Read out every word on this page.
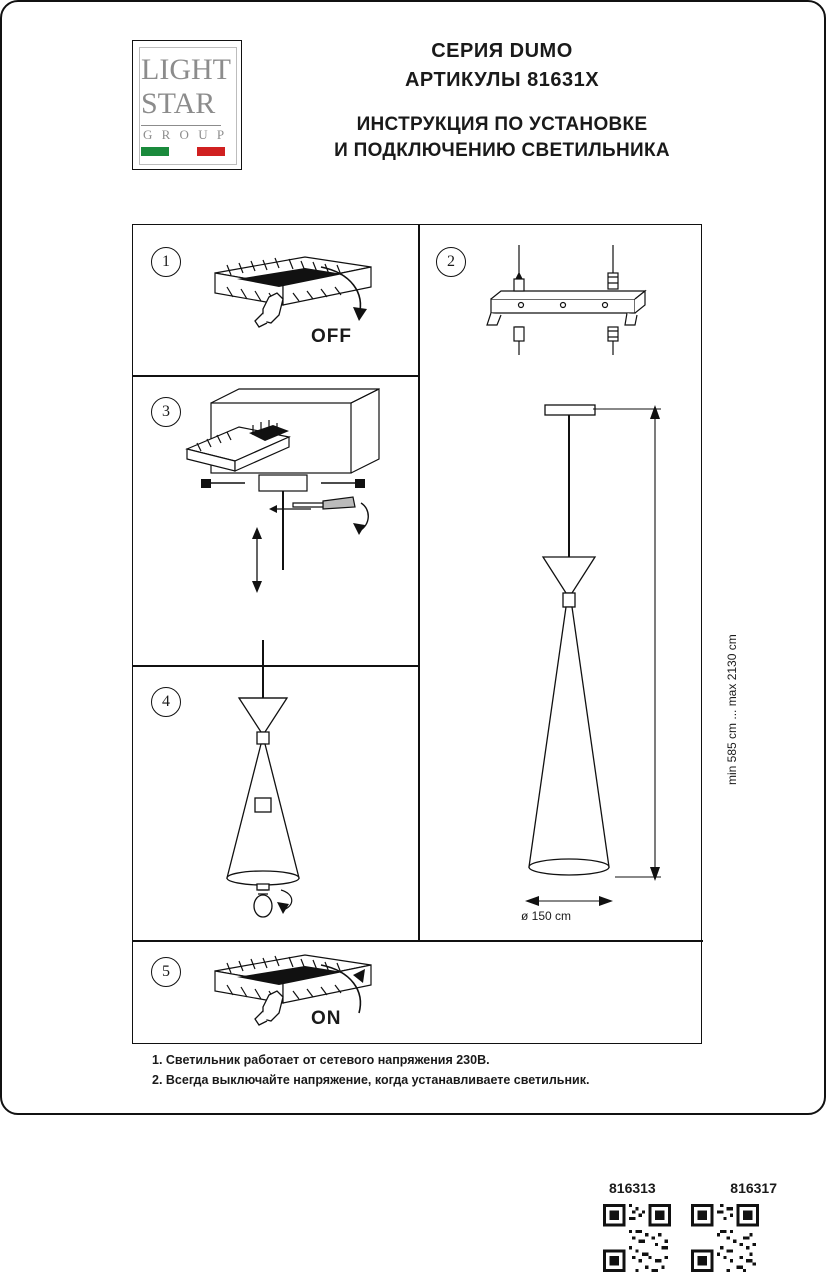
LIGHT
STAR
G R O U P
СЕРИЯ DUMO
АРТИКУЛЫ 81631X
ИНСТРУКЦИЯ ПО УСТАНОВКЕ
И ПОДКЛЮЧЕНИЮ СВЕТИЛЬНИКА
1	2
3
4
5
OFF
ON
min 585 cm ... max 2130 cm
ø 150 cm
816313	816317
1. Светильник работает от сетевого напряжения 230В.
2. Всегда выключайте напряжение, когда устанавливаете светильник.
